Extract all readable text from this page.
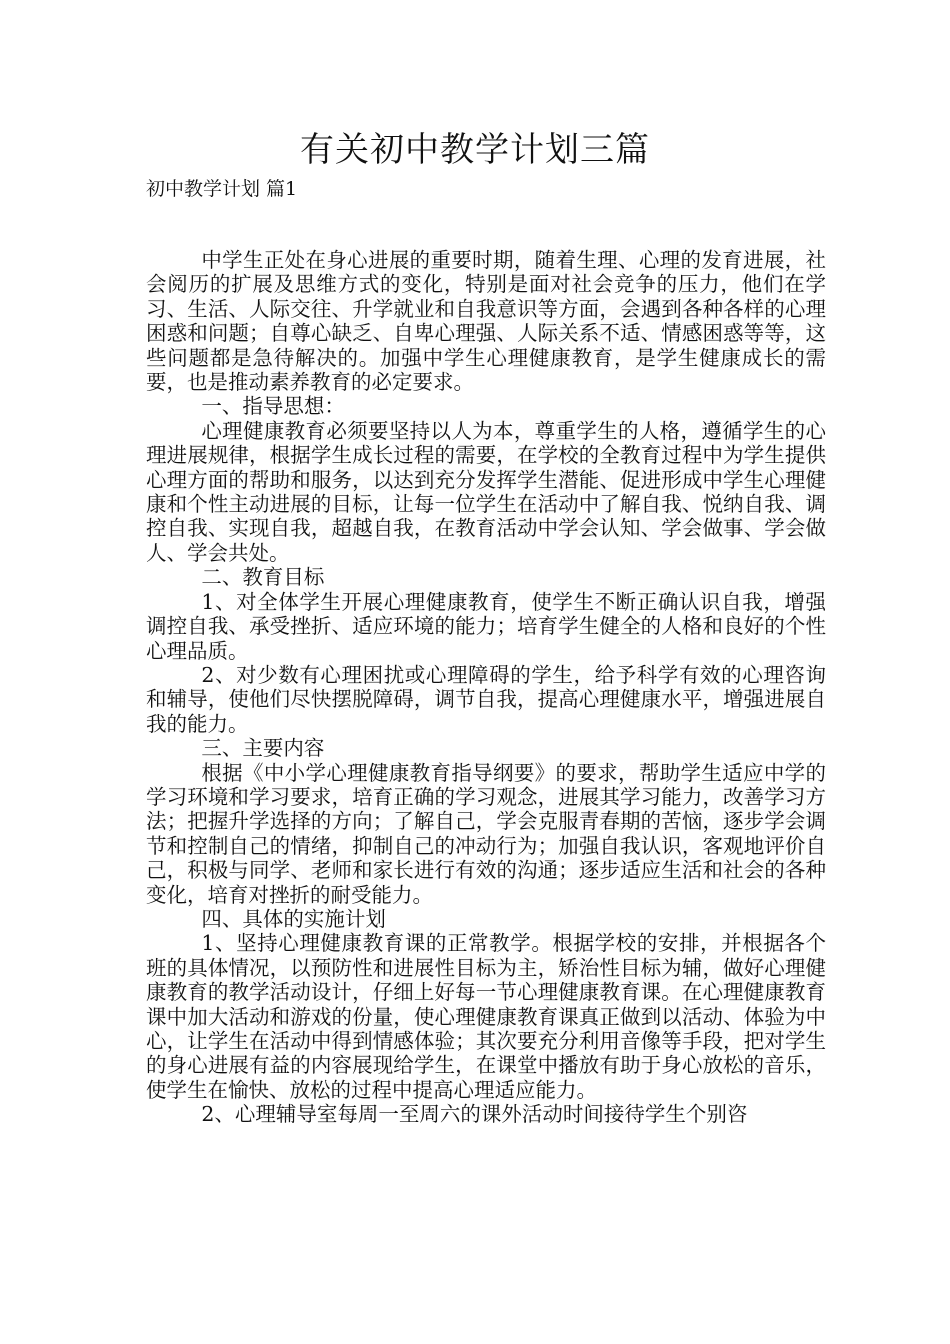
有关初中教学计划三篇
初中教学计划 篇1

中学生正处在身心进展的重要时期，随着生理、心理的发育进展，社会阅历的扩展及思维方式的变化，特别是面对社会竞争的压力，他们在学习、生活、人际交往、升学就业和自我意识等方面，会遇到各种各样的心理困惑和问题；自尊心缺乏、自卑心理强、人际关系不适、情感困惑等等，这些问题都是急待解决的。加强中学生心理健康教育，是学生健康成长的需要，也是推动素养教育的必定要求。

一、指导思想：

心理健康教育必须要坚持以人为本，尊重学生的人格，遵循学生的心理进展规律，根据学生成长过程的需要，在学校的全教育过程中为学生提供心理方面的帮助和服务，以达到充分发挥学生潜能、促进形成中学生心理健康和个性主动进展的目标，让每一位学生在活动中了解自我、悦纳自我、调控自我、实现自我，超越自我，在教育活动中学会认知、学会做事、学会做人、学会共处。

二、教育目标

1、对全体学生开展心理健康教育，使学生不断正确认识自我，增强调控自我、承受挫折、适应环境的能力；培育学生健全的人格和良好的个性心理品质。

2、对少数有心理困扰或心理障碍的学生，给予科学有效的心理咨询和辅导，使他们尽快摆脱障碍，调节自我，提高心理健康水平，增强进展自我的能力。

三、主要内容

根据《中小学心理健康教育指导纲要》的要求，帮助学生适应中学的学习环境和学习要求，培育正确的学习观念，进展其学习能力，改善学习方法；把握升学选择的方向；了解自己，学会克服青春期的苦恼，逐步学会调节和控制自己的情绪，抑制自己的冲动行为；加强自我认识，客观地评价自己，积极与同学、老师和家长进行有效的沟通；逐步适应生活和社会的各种变化，培育对挫折的耐受能力。

四、具体的实施计划

1、坚持心理健康教育课的正常教学。根据学校的安排，并根据各个班的具体情况，以预防性和进展性目标为主，矫治性目标为辅，做好心理健康教育的教学活动设计，仔细上好每一节心理健康教育课。在心理健康教育课中加大活动和游戏的份量，使心理健康教育课真正做到以活动、体验为中心，让学生在活动中得到情感体验；其次要充分利用音像等手段，把对学生的身心进展有益的内容展现给学生，在课堂中播放有助于身心放松的音乐，使学生在愉快、放松的过程中提高心理适应能力。

2、心理辅导室每周一至周六的课外活动时间接待学生个别咨
